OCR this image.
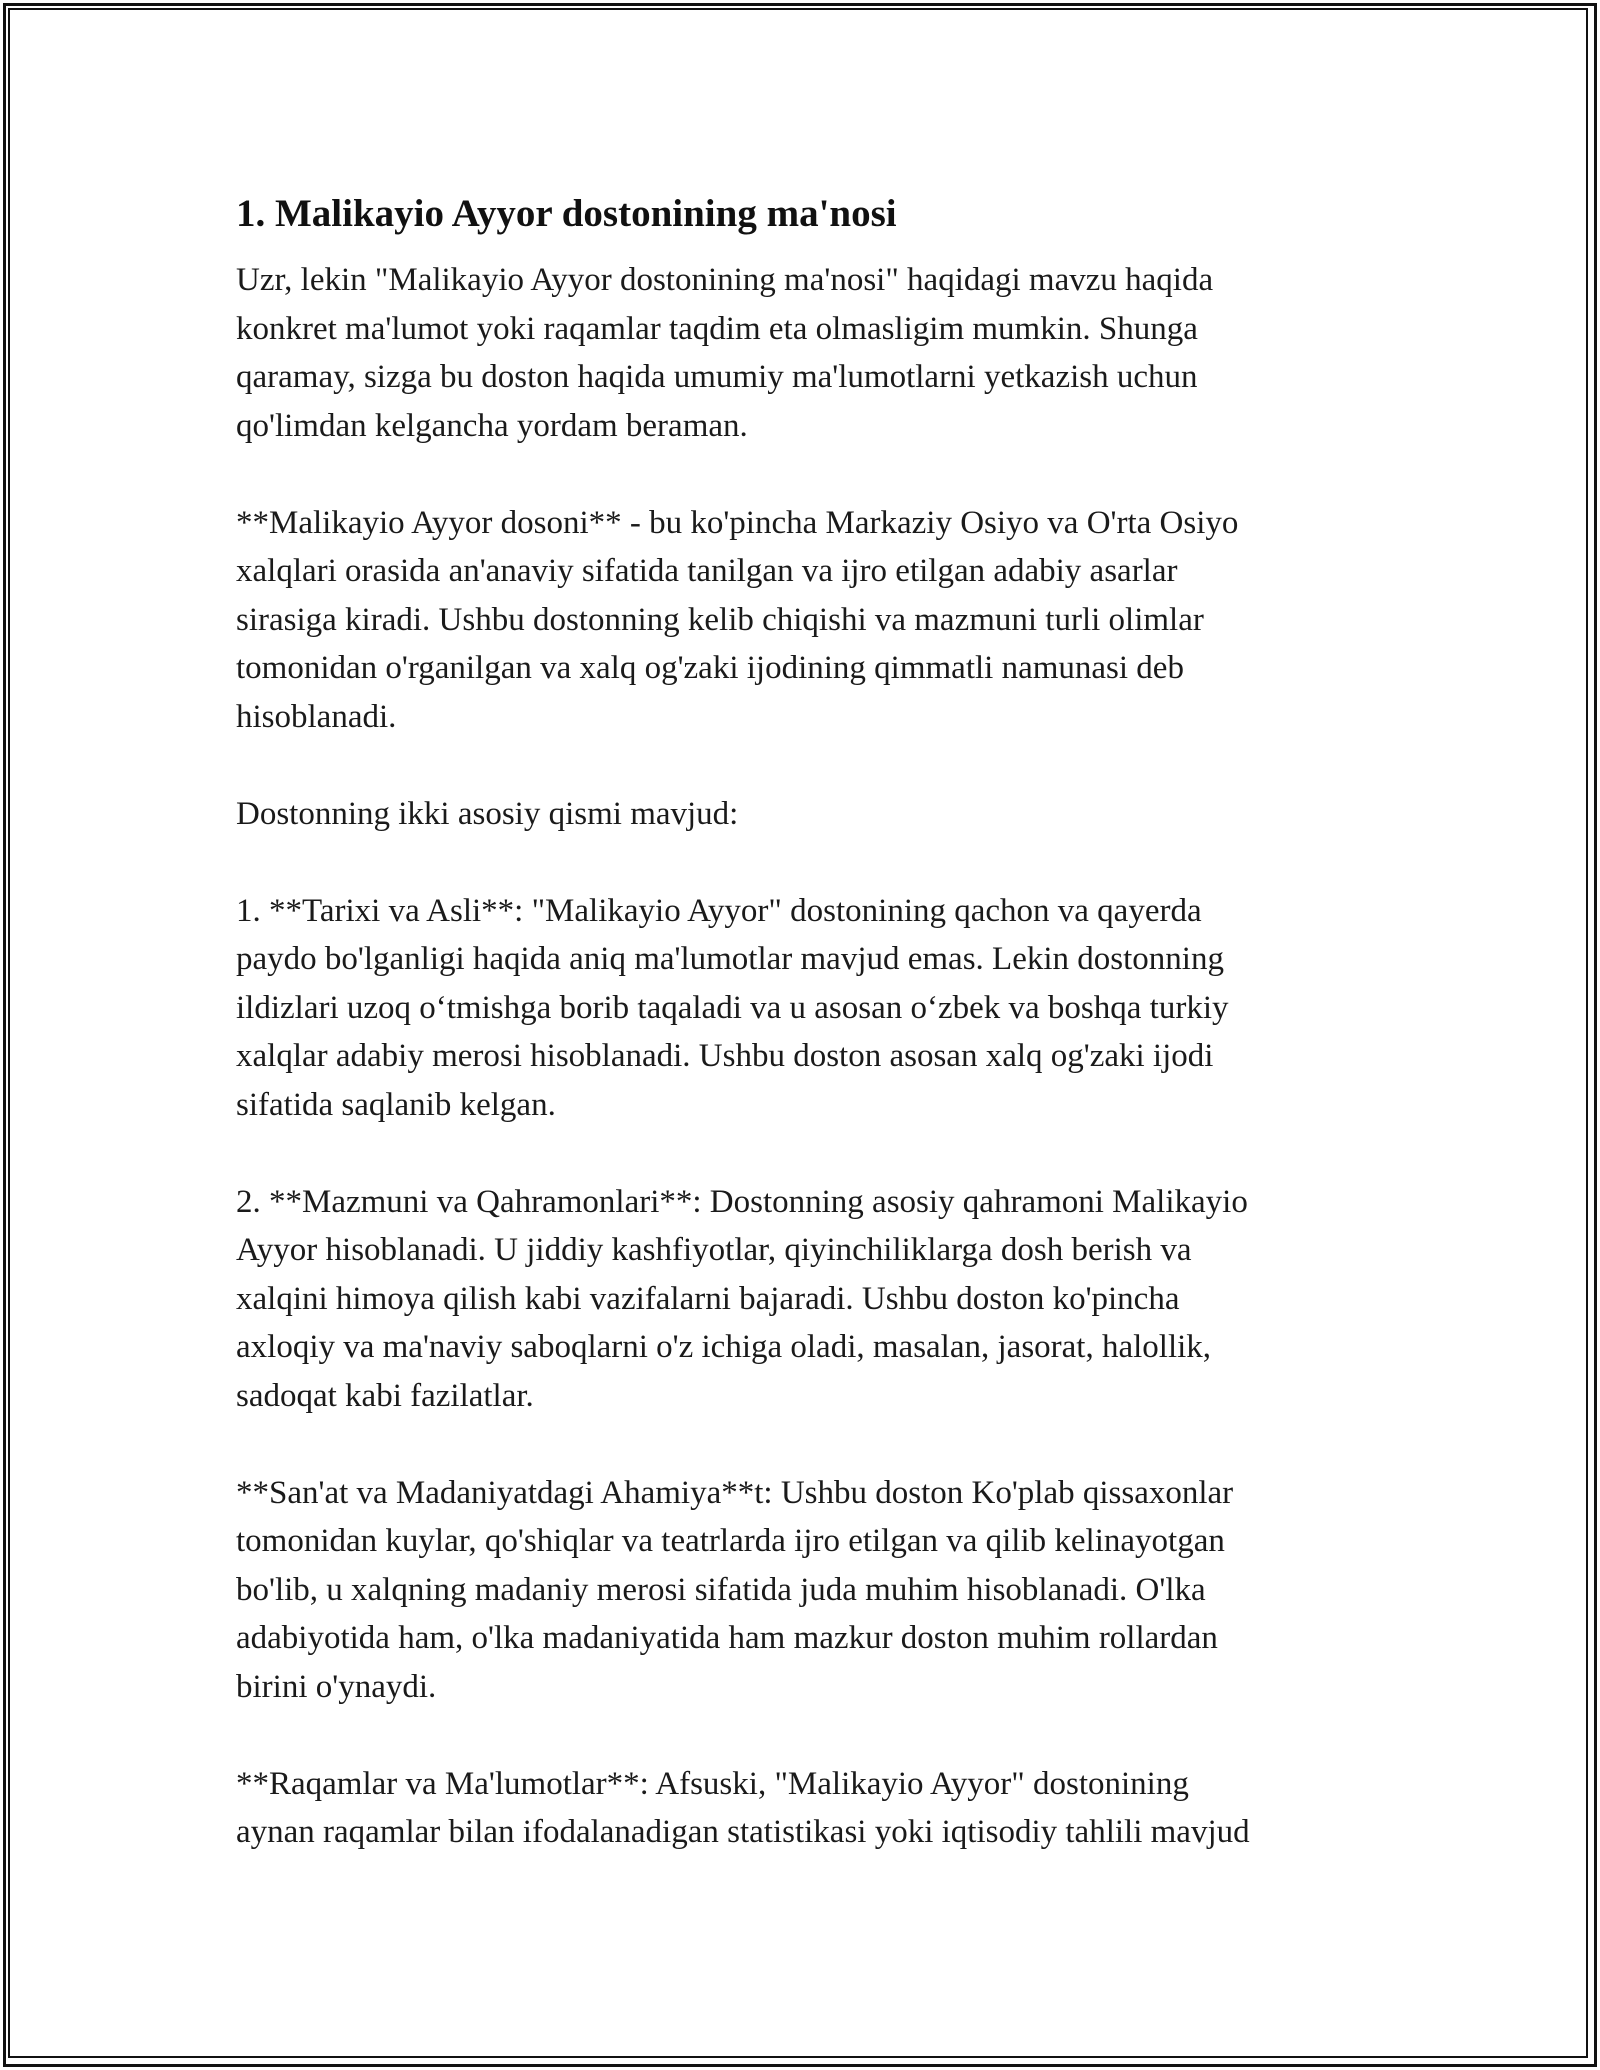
1. Malikayio Ayyor dostonining ma'nosi

Uzr, lekin "Malikayio Ayyor dostonining ma'nosi" haqidagi mavzu haqida
konkret ma'lumot yoki raqamlar taqdim eta olmasligim mumkin. Shunga
qaramay, sizga bu doston haqida umumiy ma'lumotlarni yetkazish uchun
qo'limdan kelgancha yordam beraman.

**Malikayio Ayyor dosoni** - bu ko'pincha Markaziy Osiyo va O'rta Osiyo
xalqlari orasida an'anaviy sifatida tanilgan va ijro etilgan adabiy asarlar
sirasiga kiradi. Ushbu dostonning kelib chiqishi va mazmuni turli olimlar
tomonidan o'rganilgan va xalq og'zaki ijodining qimmatli namunasi deb
hisoblanadi.

Dostonning ikki asosiy qismi mavjud:

1. **Tarixi va Asli**: "Malikayio Ayyor" dostonining qachon va qayerda
paydo bo'lganligi haqida aniq ma'lumotlar mavjud emas. Lekin dostonning
ildizlari uzoq o‘tmishga borib taqaladi va u asosan o‘zbek va boshqa turkiy
xalqlar adabiy merosi hisoblanadi. Ushbu doston asosan xalq og'zaki ijodi
sifatida saqlanib kelgan.

2. **Mazmuni va Qahramonlari**: Dostonning asosiy qahramoni Malikayio
Ayyor hisoblanadi. U jiddiy kashfiyotlar, qiyinchiliklarga dosh berish va
xalqini himoya qilish kabi vazifalarni bajaradi. Ushbu doston ko'pincha
axloqiy va ma'naviy saboqlarni o'z ichiga oladi, masalan, jasorat, halollik,
sadoqat kabi fazilatlar.

**San'at va Madaniyatdagi Ahamiya**t: Ushbu doston Ko'plab qissaxonlar
tomonidan kuylar, qo'shiqlar va teatrlarda ijro etilgan va qilib kelinayotgan
bo'lib, u xalqning madaniy merosi sifatida juda muhim hisoblanadi. O'lka
adabiyotida ham, o'lka madaniyatida ham mazkur doston muhim rollardan
birini o'ynaydi.

**Raqamlar va Ma'lumotlar**: Afsuski, "Malikayio Ayyor" dostonining
aynan raqamlar bilan ifodalanadigan statistikasi yoki iqtisodiy tahlili mavjud
